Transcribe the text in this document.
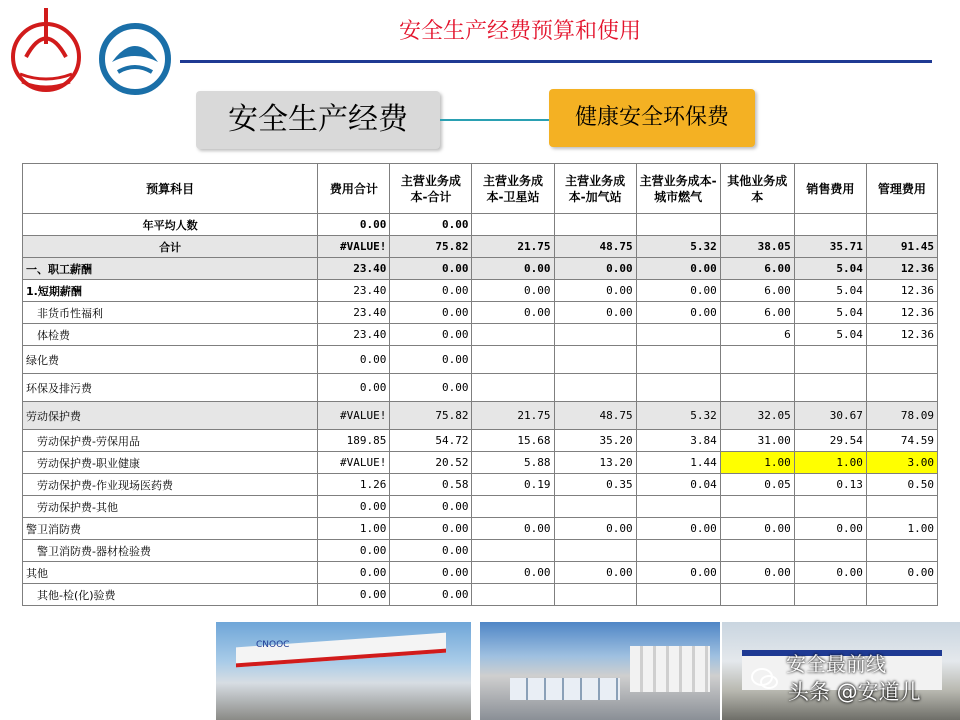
安全生产经费预算和使用
安全生产经费	健康安全环保费
预算科目	费用合计	主营业务成本-合计	主营业务成本-卫星站	主营业务成本-加气站	主营业务成本-城市燃气	其他业务成本	销售费用	管理费用
年平均人数	0.00	0.00						
合计	#VALUE!	75.82	21.75	48.75	5.32	38.05	35.71	91.45
一、职工薪酬	23.40	0.00	0.00	0.00	0.00	6.00	5.04	12.36
1.短期薪酬	23.40	0.00	0.00	0.00	0.00	6.00	5.04	12.36
非货币性福利	23.40	0.00	0.00	0.00	0.00	6.00	5.04	12.36
体检费	23.40	0.00				6	5.04	12.36
绿化费	0.00	0.00						
环保及排污费	0.00	0.00						
劳动保护费	#VALUE!	75.82	21.75	48.75	5.32	32.05	30.67	78.09
劳动保护费-劳保用品	189.85	54.72	15.68	35.20	3.84	31.00	29.54	74.59
劳动保护费-职业健康	#VALUE!	20.52	5.88	13.20	1.44	1.00	1.00	3.00
劳动保护费-作业现场医药费	1.26	0.58	0.19	0.35	0.04	0.05	0.13	0.50
劳动保护费-其他	0.00	0.00						
警卫消防费	1.00	0.00	0.00	0.00	0.00	0.00	0.00	1.00
警卫消防费-器材检验费	0.00	0.00						
其他	0.00	0.00	0.00	0.00	0.00	0.00	0.00	0.00
其他-检(化)验费	0.00	0.00						
CNOOC
安全最前线
头条 @安道儿
